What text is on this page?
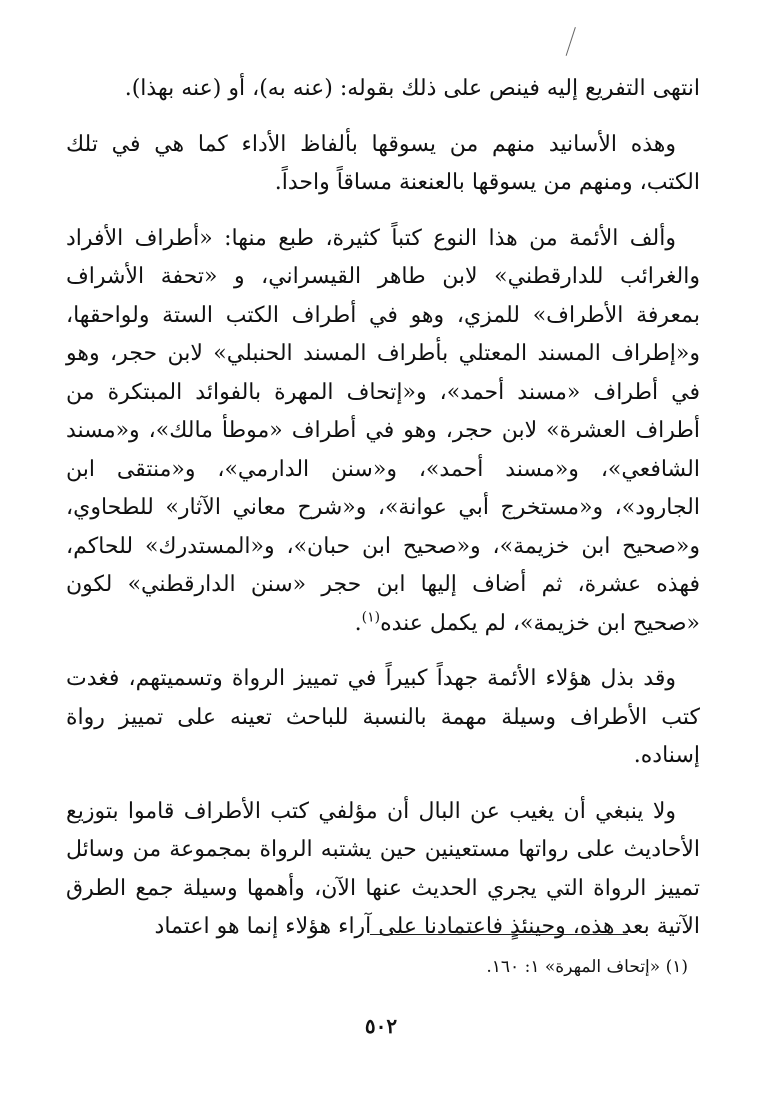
انتهى التفريع إليه فينص على ذلك بقوله: (عنه به)، أو (عنه بهذا).

وهذه الأسانيد منهم من يسوقها بألفاظ الأداء كما هي في تلك الكتب، ومنهم من يسوقها بالعنعنة مساقاً واحداً.

وألف الأئمة من هذا النوع كتباً كثيرة، طبع منها: «أطراف الأفراد والغرائب للدارقطني» لابن طاهر القيسراني، و «تحفة الأشراف بمعرفة الأطراف» للمزي، وهو في أطراف الكتب الستة ولواحقها، و«إطراف المسند المعتلي بأطراف المسند الحنبلي» لابن حجر، وهو في أطراف «مسند أحمد»، و«إتحاف المهرة بالفوائد المبتكرة من أطراف العشرة» لابن حجر، وهو في أطراف «موطأ مالك»، و«مسند الشافعي»، و«مسند أحمد»، و«سنن الدارمي»، و«منتقى ابن الجارود»، و«مستخرج أبي عوانة»، و«شرح معاني الآثار» للطحاوي، و«صحيح ابن خزيمة»، و«صحيح ابن حبان»، و«المستدرك» للحاكم، فهذه عشرة، ثم أضاف إليها ابن حجر «سنن الدارقطني» لكون «صحيح ابن خزيمة»، لم يكمل عنده$^{(١)}$.

وقد بذل هؤلاء الأئمة جهداً كبيراً في تمييز الرواة وتسميتهم، فغدت كتب الأطراف وسيلة مهمة بالنسبة للباحث تعينه على تمييز رواة إسناده.

ولا ينبغي أن يغيب عن البال أن مؤلفي كتب الأطراف قاموا بتوزيع الأحاديث على رواتها مستعينين حين يشتبه الرواة بمجموعة من وسائل تمييز الرواة التي يجري الحديث عنها الآن، وأهمها وسيلة جمع الطرق الآتية بعد هذه، وحينئذٍ فاعتمادنا على آراء هؤلاء إنما هو اعتماد

(١) «إتحاف المهرة» ١: ١٦٠.
٥٠٢
